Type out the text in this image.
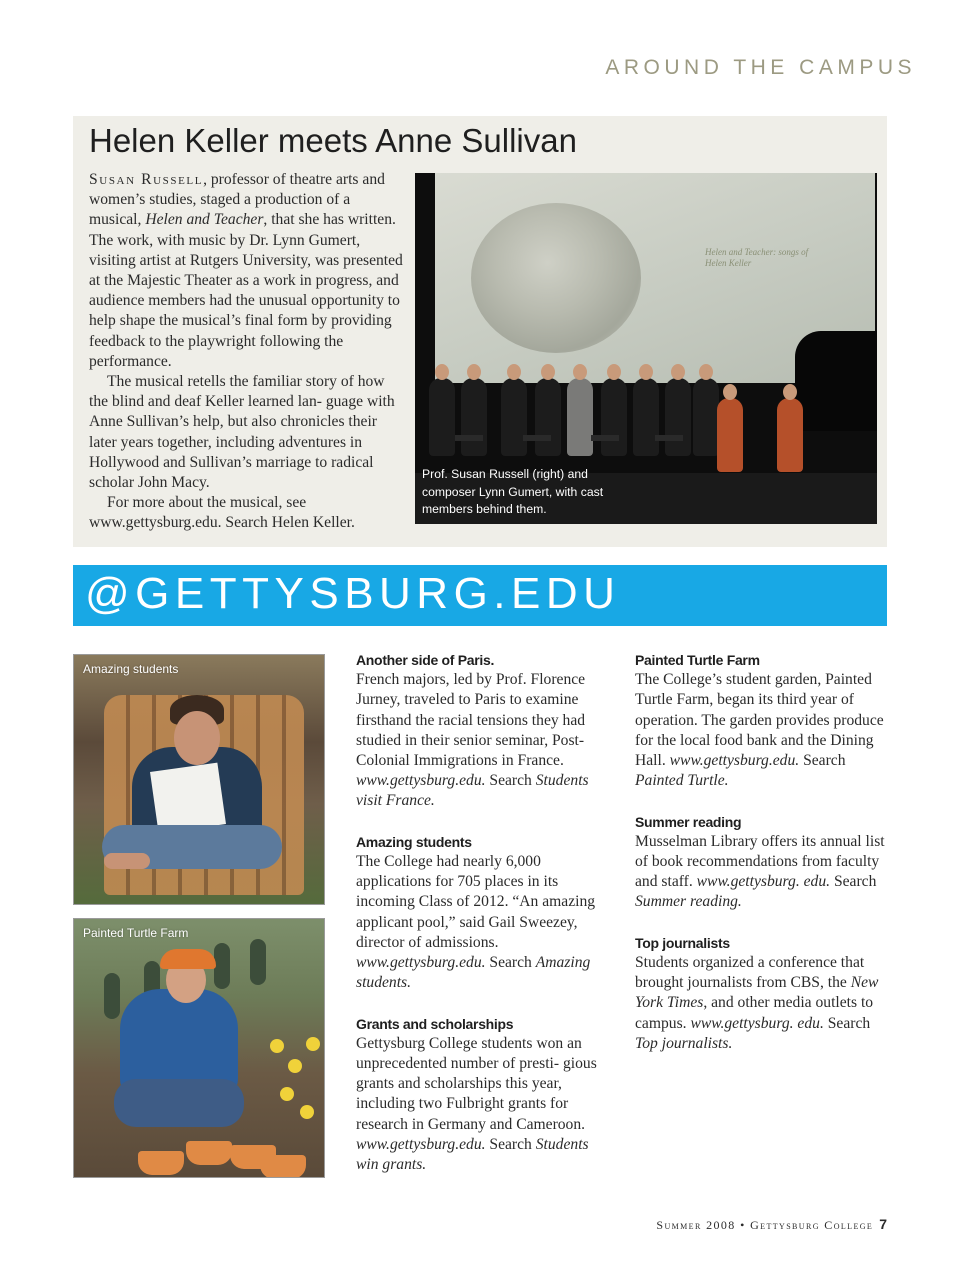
AROUND THE CAMPUS
Helen Keller meets Anne Sullivan

Susan Russell, professor of theatre arts and women’s studies, staged a production of a musical, Helen and Teacher, that she has written. The work, with music by Dr. Lynn Gumert, visiting artist at Rutgers University, was presented at the Majestic Theater as a work in progress, and audience members had the unusual opportunity to help shape the musical’s final form by providing feedback to the playwright following the performance.

The musical retells the familiar story of how the blind and deaf Keller learned lan- guage with Anne Sullivan’s help, but also chronicles their later years together, including adventures in Hollywood and Sullivan’s marriage to radical scholar John Macy.

For more about the musical, see www.gettysburg.edu. Search Helen Keller.

Helen and Teacher: songs of Helen Keller
Prof. Susan Russell (right) and composer Lynn Gumert, with cast members behind them.
@GETTYSBURG.EDU
Amazing students
Painted Turtle Farm
Another side of Paris.

French majors, led by Prof. Florence Jurney, traveled to Paris to examine firsthand the racial tensions they had studied in their senior seminar, Post-Colonial Immigrations in France. www.gettysburg.edu. Search Students visit France.

Amazing students

The College had nearly 6,000 applications for 705 places in its incoming Class of 2012. “An amazing applicant pool,” said Gail Sweezey, director of admissions. www.gettysburg.edu. Search Amazing students.

Grants and scholarships

Gettysburg College students won an unprecedented number of presti- gious grants and scholarships this year, including two Fulbright grants for research in Germany and Cameroon. www.gettysburg.edu. Search Students win grants.

Painted Turtle Farm

The College’s student garden, Painted Turtle Farm, began its third year of operation. The garden provides produce for the local food bank and the Dining Hall. www.gettysburg.edu. Search Painted Turtle.

Summer reading

Musselman Library offers its annual list of book recommendations from faculty and staff. www.gettysburg. edu. Search Summer reading.

Top journalists

Students organized a conference that brought journalists from CBS, the New York Times, and other media outlets to campus. www.gettysburg. edu. Search Top journalists.

Summer 2008 • Gettysburg College 7
